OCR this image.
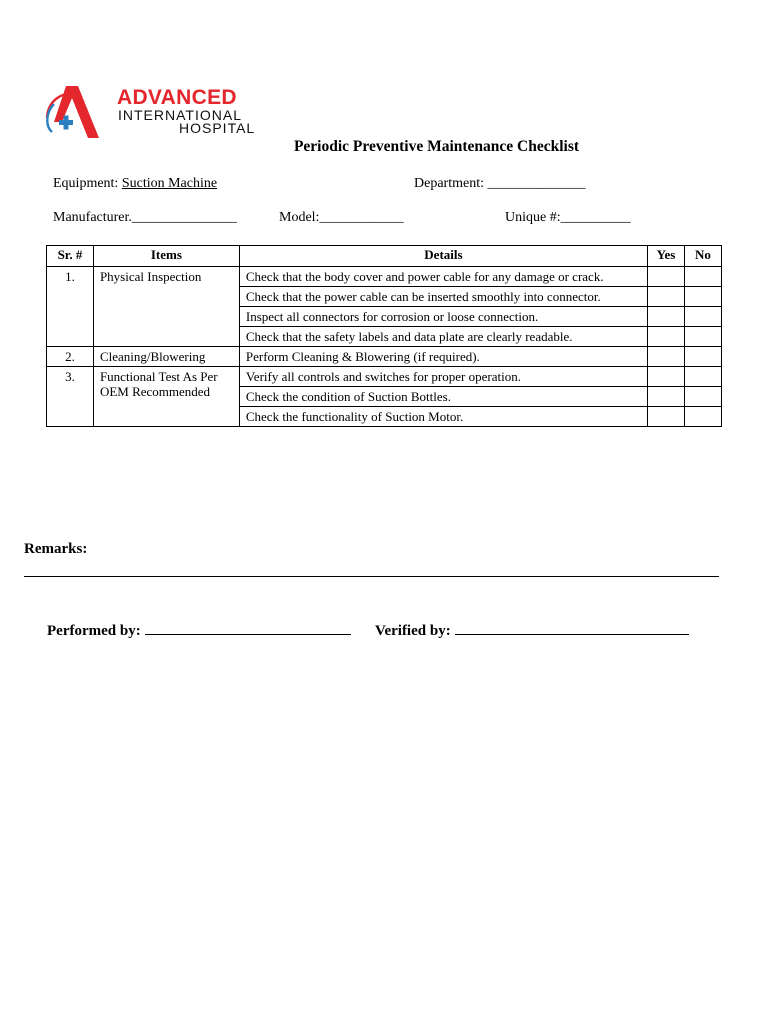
ADVANCED
INTERNATIONAL
HOSPITAL
Periodic Preventive Maintenance Checklist
Equipment: Suction Machine	Department: ______________
Manufacturer._______________	Model:____________	Unique #:__________
Sr. #	Items	Details	Yes	No
1.	Physical Inspection	Check that the body cover and power cable for any damage or crack.		
		Check that the power cable can be inserted smoothly into connector.		
		Inspect all connectors for corrosion or loose connection.		
		Check that the safety labels and data plate are clearly readable.		
2.	Cleaning/Blowering	Perform Cleaning & Blowering (if required).		
3.	Functional Test As Per OEM Recommended	Verify all controls and switches for proper operation.		
		Check the condition of Suction Bottles.		
		Check the functionality of Suction Motor.		
Remarks:
Performed by:	Verified by:
